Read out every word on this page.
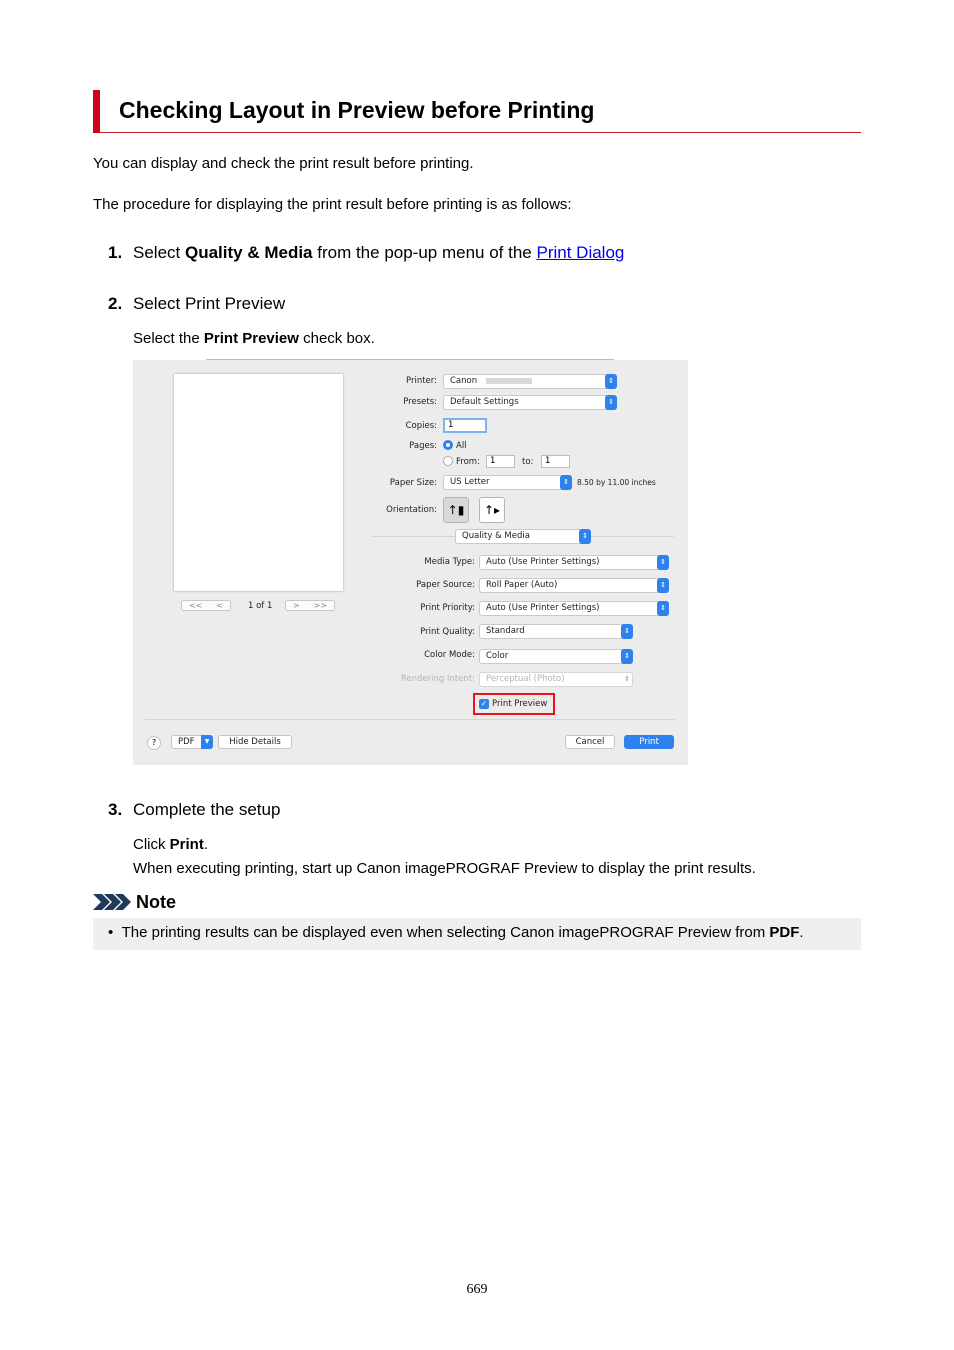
Checking Layout in Preview before Printing
You can display and check the print result before printing.
The procedure for displaying the print result before printing is as follows:
1. Select Quality & Media from the pop-up menu of the Print Dialog
2. Select Print Preview
Select the Print Preview check box.
<< <	1 of 1	> >>
Printer:	Canon	⇕
Presets:	Default Settings	⇕
Copies:	1
Pages: All
From:	1	to:	1
Paper Size:	US Letter	⇕	8.50 by 11.00 inches
Orientation: ↑▮	↑▸
Quality & Media	⇕
Media Type:	Auto (Use Printer Settings)	⇕
Paper Source:	Roll Paper (Auto)	⇕
Print Priority:	Auto (Use Printer Settings)	⇕
Print Quality:	Standard	⇕
Color Mode:	Color	⇕
Rendering Intent:	Perceptual (Photo)	⇕
✓ Print Preview
?	PDF	▼	Hide Details	Cancel	Print
3. Complete the setup
Click Print.
When executing printing, start up Canon imagePROGRAF Preview to display the print results.
Note
•  The printing results can be displayed even when selecting Canon imagePROGRAF Preview from PDF.
669
